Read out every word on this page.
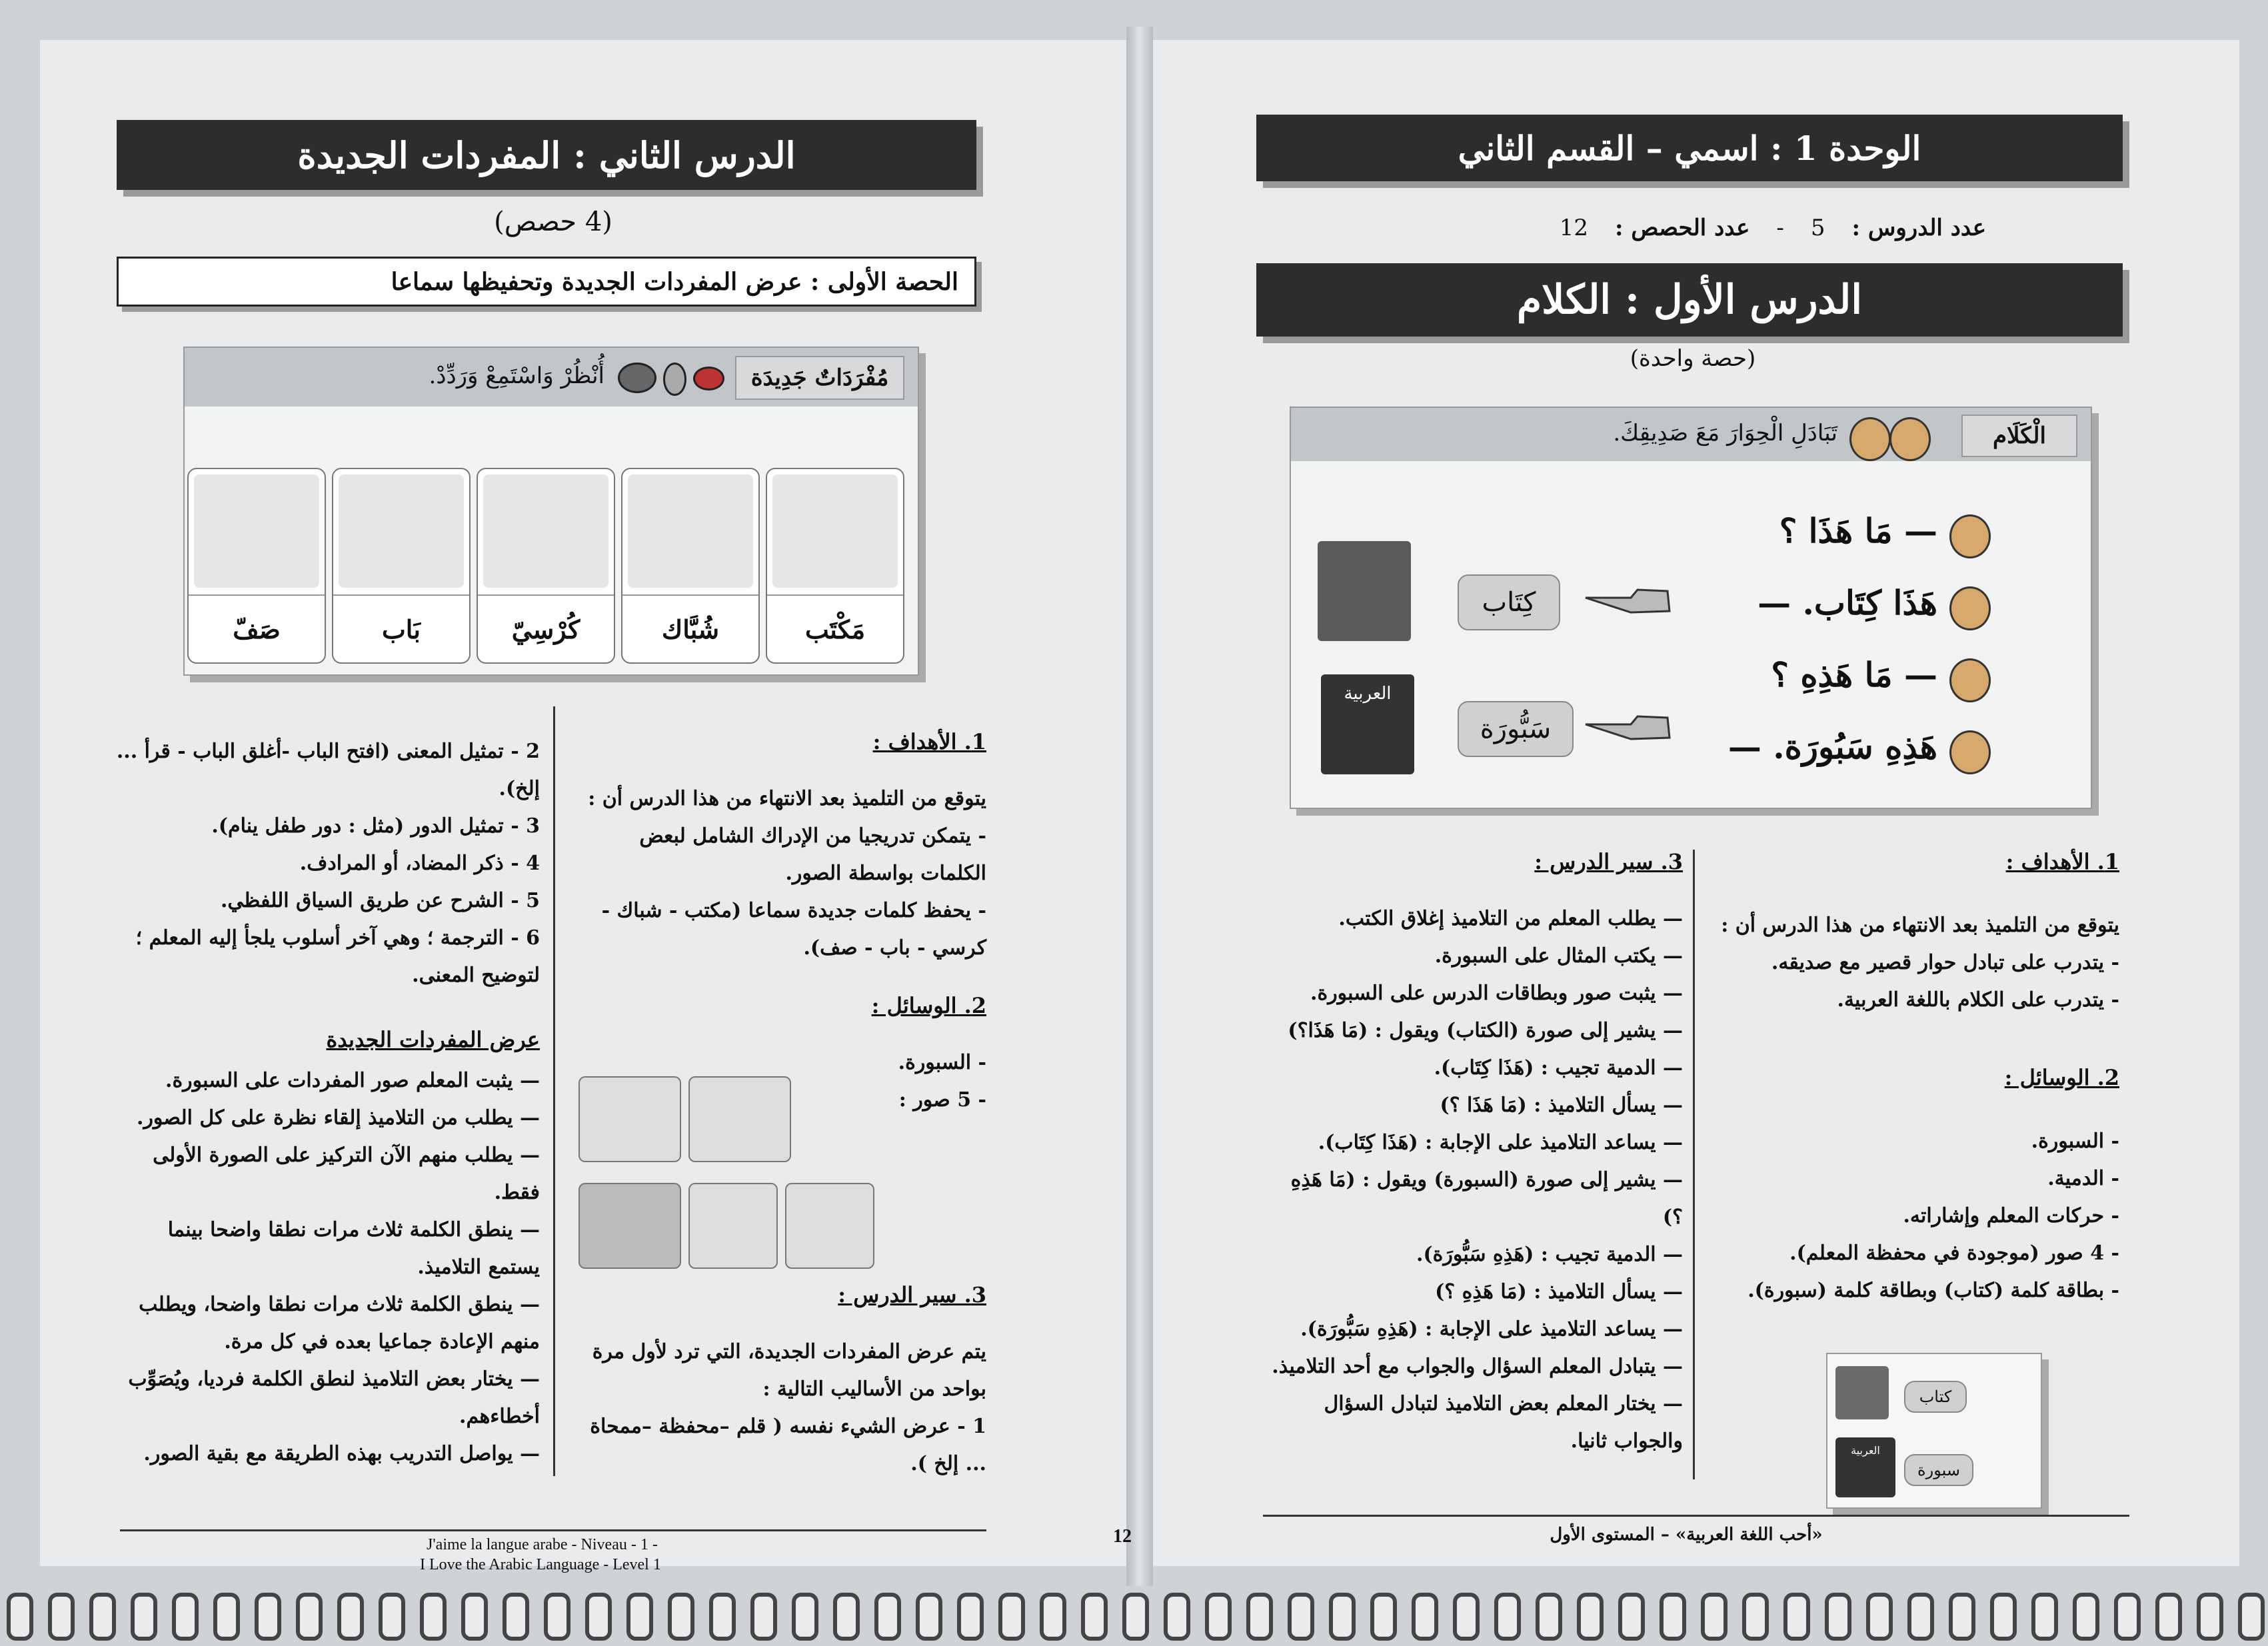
الوحدة 1 : اسمي – القسم الثاني
عدد الدروس :
5
-
عدد الحصص :
12
الدرس الأول : الكلام
(حصة واحدة)
الْكَلَام
تَبَادَلِ الْحِوَارَ مَعَ صَدِيقِكَ.
— مَا هَذَا ؟
هَذَا كِتَاب. —
— مَا هَذِهِ ؟
هَذِهِ سَبُورَة. —
كِتَاب
العربية
سَبُّورَة
1. الأهداف :

يتوقع من التلميذ بعد الانتهاء من هذا الدرس أن :

- يتدرب على تبادل حوار قصير مع صديقه.

- يتدرب على الكلام باللغة العربية.

2. الوسائل :

- السبورة.

- الدمية.

- حركات المعلم وإشاراته.

- 4 صور (موجودة في محفظة المعلم).

- بطاقة كلمة (كتاب) وبطاقة كلمة (سبورة).

كتاب
العربية
سبورة
3. سير الدرس :

— يطلب المعلم من التلاميذ إغلاق الكتب.

— يكتب المثال على السبورة.

— يثبت صور وبطاقات الدرس على السبورة.

— يشير إلى صورة (الكتاب) ويقول : (مَا هَذَا؟)

— الدمية تجيب : (هَذَا كِتَاب).

— يسأل التلاميذ : (مَا هَذَا ؟)

— يساعد التلاميذ على الإجابة : (هَذَا كِتَاب).

— يشير إلى صورة (السبورة) ويقول : (مَا هَذِهِ ؟)

— الدمية تجيب : (هَذِهِ سَبُّورَة).

— يسأل التلاميذ : (مَا هَذِهِ ؟)

— يساعد التلاميذ على الإجابة : (هَذِهِ سَبُّورَة).

— يتبادل المعلم السؤال والجواب مع أحد التلاميذ.

— يختار المعلم بعض التلاميذ لتبادل السؤال والجواب ثانيا.

«أحب اللغة العربية» – المستوى الأول
الدرس الثاني : المفردات الجديدة
(4 حصص)
الحصة الأولى : عرض المفردات الجديدة وتحفيظها سماعا
مُفْرَدَاتٌ جَدِيدَة
أُنْظُرْ وَاسْتَمِعْ وَرَدِّدْ.
مَكْتَب
شُبَّاك
كُرْسِيّ
بَاب
صَفّ
1. الأهداف :

يتوقع من التلميذ بعد الانتهاء من هذا الدرس أن :

- يتمكن تدريجيا من الإدراك الشامل لبعض الكلمات بواسطة الصور.

- يحفظ كلمات جديدة سماعا (مكتب - شباك - كرسي - باب - صف).

2. الوسائل :

- السبورة.

- 5 صور :

3. سير الدرس :

يتم عرض المفردات الجديدة، التي ترد لأول مرة بواحد من الأساليب التالية :

1 - عرض الشيء نفسه ( قلم –محفظة –ممحاة ... إلخ ).

2 - تمثيل المعنى (افتح الباب -أغلق الباب - قرأ ... إلخ).

3 - تمثيل الدور (مثل : دور طفل ينام).

4 - ذكر المضاد، أو المرادف.

5 - الشرح عن طريق السياق اللفظي.

6 - الترجمة ؛ وهي آخر أسلوب يلجأ إليه المعلم ؛ لتوضيح المعنى.

عرض المفردات الجديدة

— يثبت المعلم صور المفردات على السبورة.

— يطلب من التلاميذ إلقاء نظرة على كل الصور.

— يطلب منهم الآن التركيز على الصورة الأولى فقط.

— ينطق الكلمة ثلاث مرات نطقا واضحا بينما يستمع التلاميذ.

— ينطق الكلمة ثلاث مرات نطقا واضحا، ويطلب منهم الإعادة جماعيا بعده في كل مرة.

— يختار بعض التلاميذ لنطق الكلمة فرديا، ويُصَوِّب أخطاءهم.

— يواصل التدريب بهذه الطريقة مع بقية الصور.

J'aime la langue arabe - Niveau - 1 -
I Love the Arabic Language - Level 1
12
